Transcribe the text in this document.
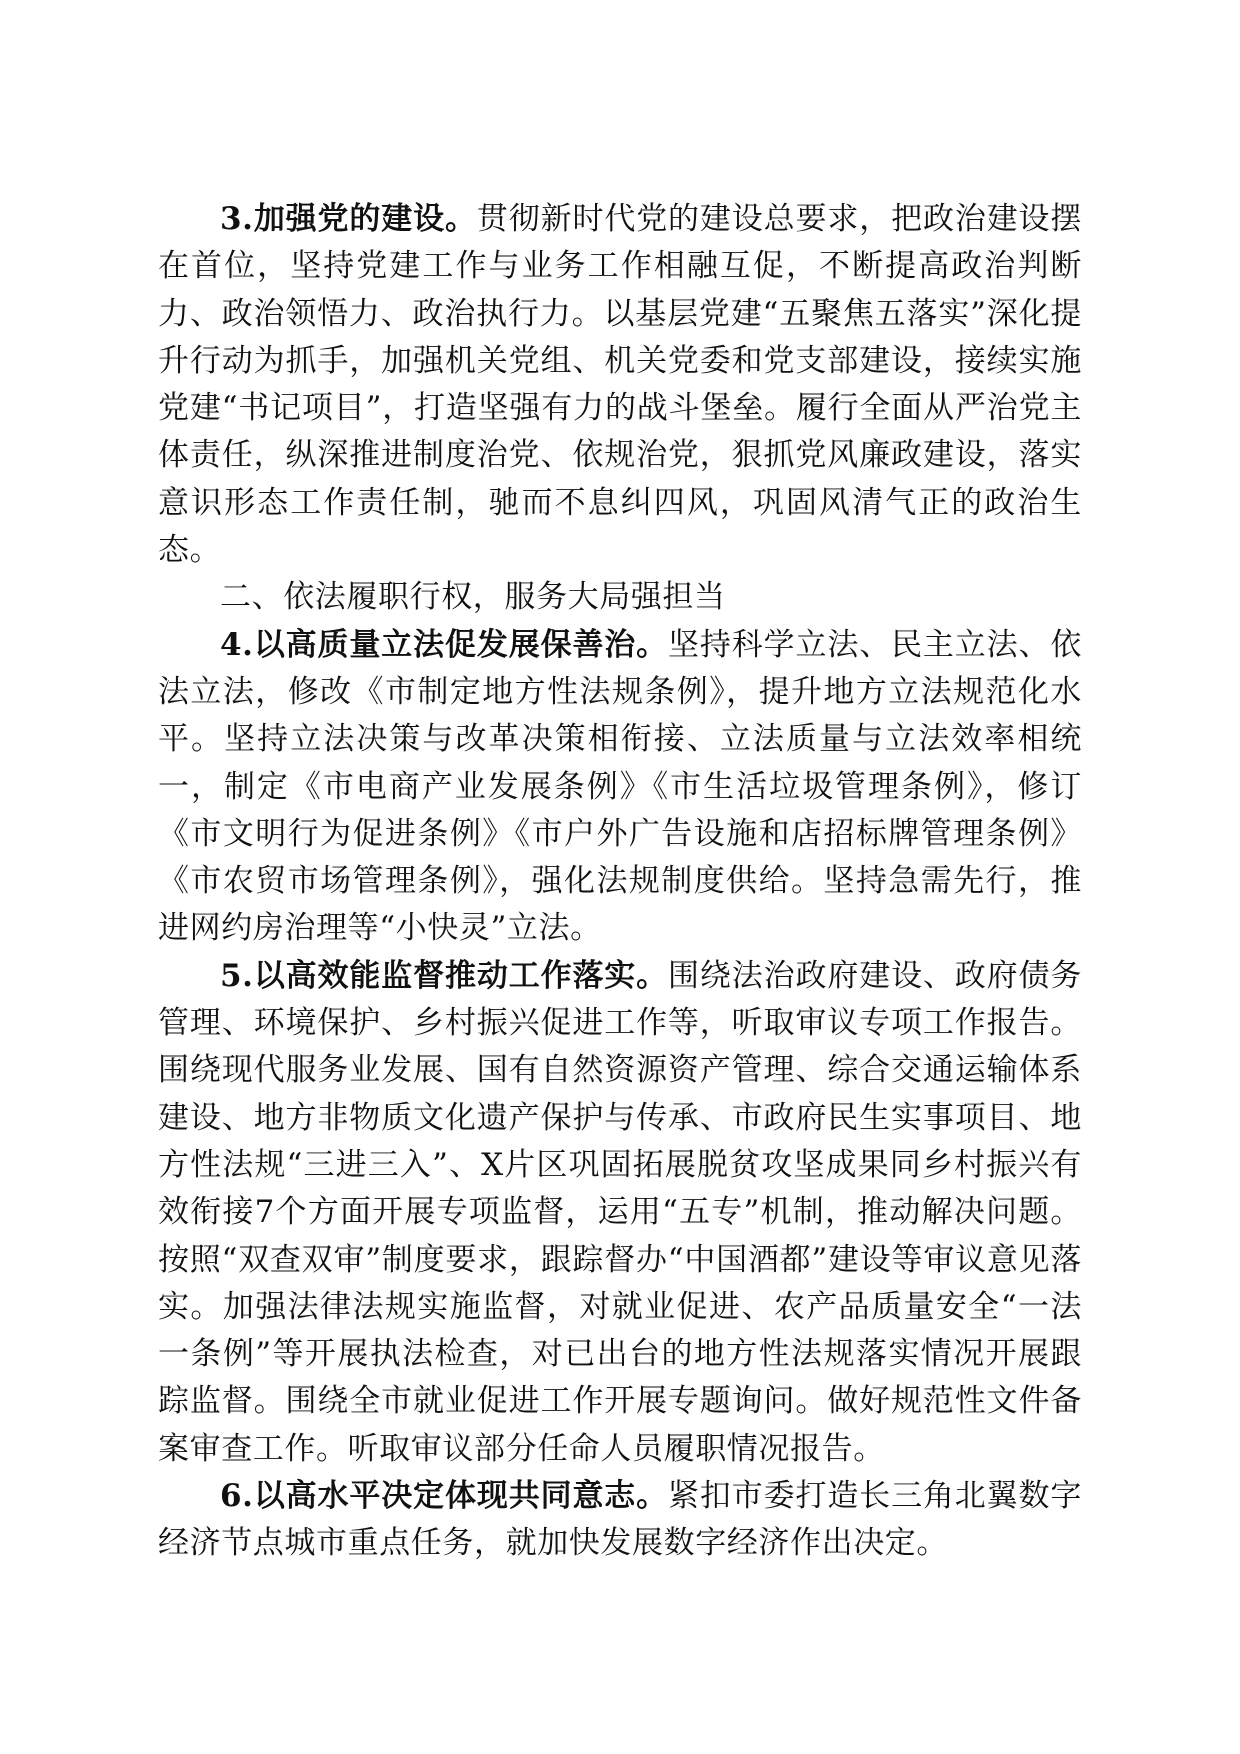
3.加强党的建设。贯彻新时代党的建设总要求，把政治建设摆在首位，坚持党建工作与业务工作相融互促，不断提高政治判断力、政治领悟力、政治执行力。以基层党建“五聚焦五落实”深化提升行动为抓手，加强机关党组、机关党委和党支部建设，接续实施党建“书记项目”，打造坚强有力的战斗堡垒。履行全面从严治党主体责任，纵深推进制度治党、依规治党，狠抓党风廉政建设，落实意识形态工作责任制，驰而不息纠四风，巩固风清气正的政治生态。

二、依法履职行权，服务大局强担当

4.以高质量立法促发展保善治。坚持科学立法、民主立法、依法立法，修改《市制定地方性法规条例》，提升地方立法规范化水平。坚持立法决策与改革决策相衔接、立法质量与立法效率相统一，制定《市电商产业发展条例》《市生活垃圾管理条例》，修订《市文明行为促进条例》《市户外广告设施和店招标牌管理条例》《市农贸市场管理条例》，强化法规制度供给。坚持急需先行，推进网约房治理等“小快灵”立法。

5.以高效能监督推动工作落实。围绕法治政府建设、政府债务管理、环境保护、乡村振兴促进工作等，听取审议专项工作报告。围绕现代服务业发展、国有自然资源资产管理、综合交通运输体系建设、地方非物质文化遗产保护与传承、市政府民生实事项目、地方性法规“三进三入”、X片区巩固拓展脱贫攻坚成果同乡村振兴有效衔接7个方面开展专项监督，运用“五专”机制，推动解决问题。按照“双查双审”制度要求，跟踪督办“中国酒都”建设等审议意见落实。加强法律法规实施监督，对就业促进、农产品质量安全“一法一条例”等开展执法检查，对已出台的地方性法规落实情况开展跟踪监督。围绕全市就业促进工作开展专题询问。做好规范性文件备案审查工作。听取审议部分任命人员履职情况报告。

6.以高水平决定体现共同意志。紧扣市委打造长三角北翼数字经济节点城市重点任务，就加快发展数字经济作出决定。
